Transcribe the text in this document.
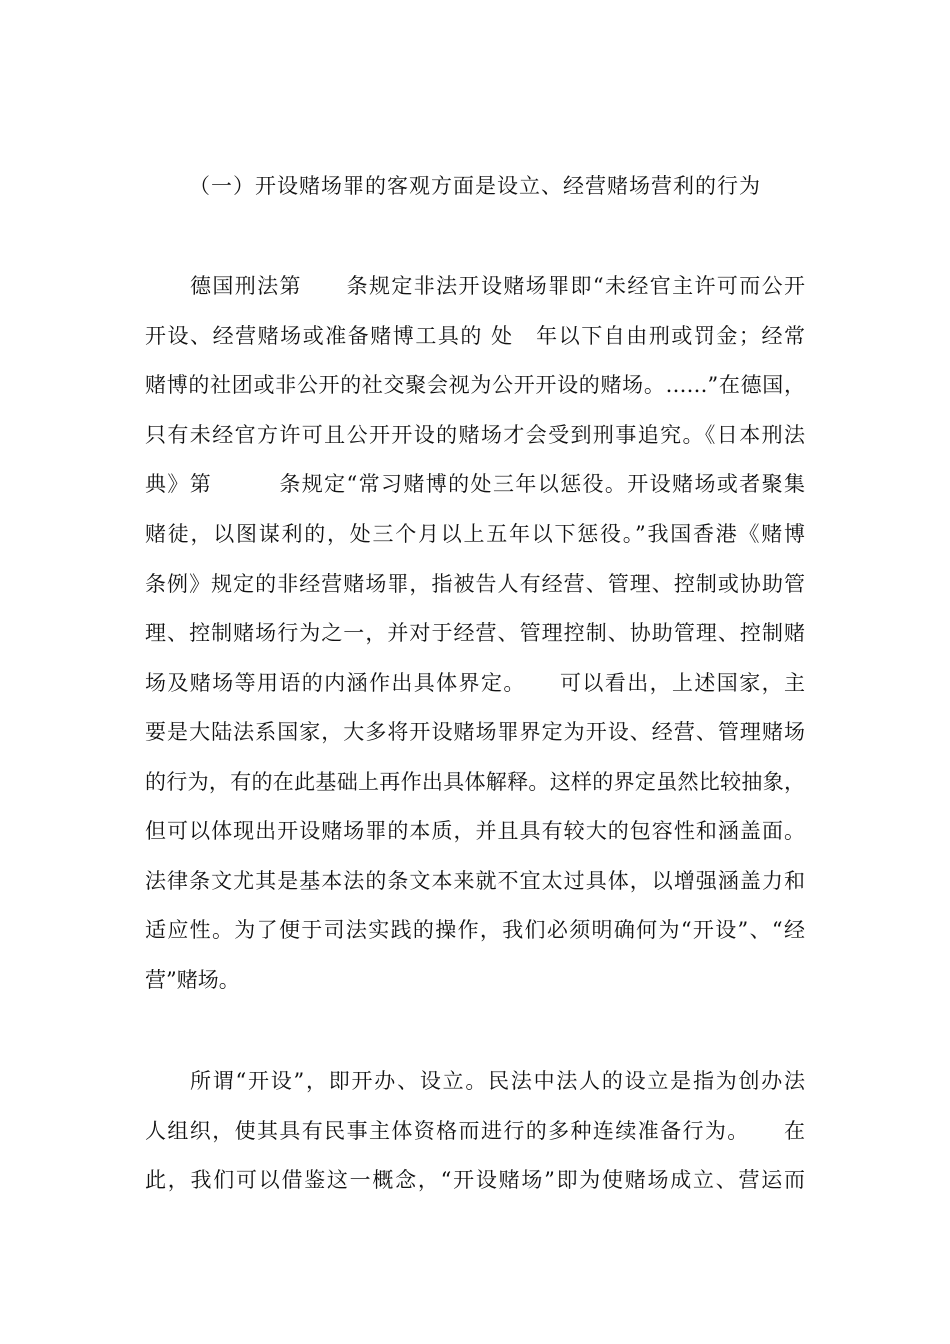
（一）开设赌场罪的客观方面是设立、经营赌场营利的行为
德国刑法第　　条规定非法开设赌场罪即“未经官主许可而公开
开设、经营赌场或准备赌博工具的 处　年以下自由刑或罚金；经常
赌博的社团或非公开的社交聚会视为公开开设的赌场。……”在德国，
只有未经官方许可且公开开设的赌场才会受到刑事追究。《日本刑法
典》第　　　条规定“常习赌博的处三年以惩役。开设赌场或者聚集
赌徒，以图谋利的，处三个月以上五年以下惩役。”我国香港《赌博
条例》规定的非经营赌场罪，指被告人有经营、管理、控制或协助管
理、控制赌场行为之一，并对于经营、管理控制、协助管理、控制赌
场及赌场等用语的内涵作出具体界定。　　可以看出，上述国家，主
要是大陆法系国家，大多将开设赌场罪界定为开设、经营、管理赌场
的行为，有的在此基础上再作出具体解释。这样的界定虽然比较抽象，
但可以体现出开设赌场罪的本质，并且具有较大的包容性和涵盖面。
法律条文尤其是基本法的条文本来就不宜太过具体，以增强涵盖力和
适应性。为了便于司法实践的操作，我们必须明确何为“开设”、“经
营”赌场。
所谓“开设”，即开办、设立。民法中法人的设立是指为创办法
人组织，使其具有民事主体资格而进行的多种连续准备行为。　　在
此，我们可以借鉴这一概念，“开设赌场”即为使赌场成立、营运而
